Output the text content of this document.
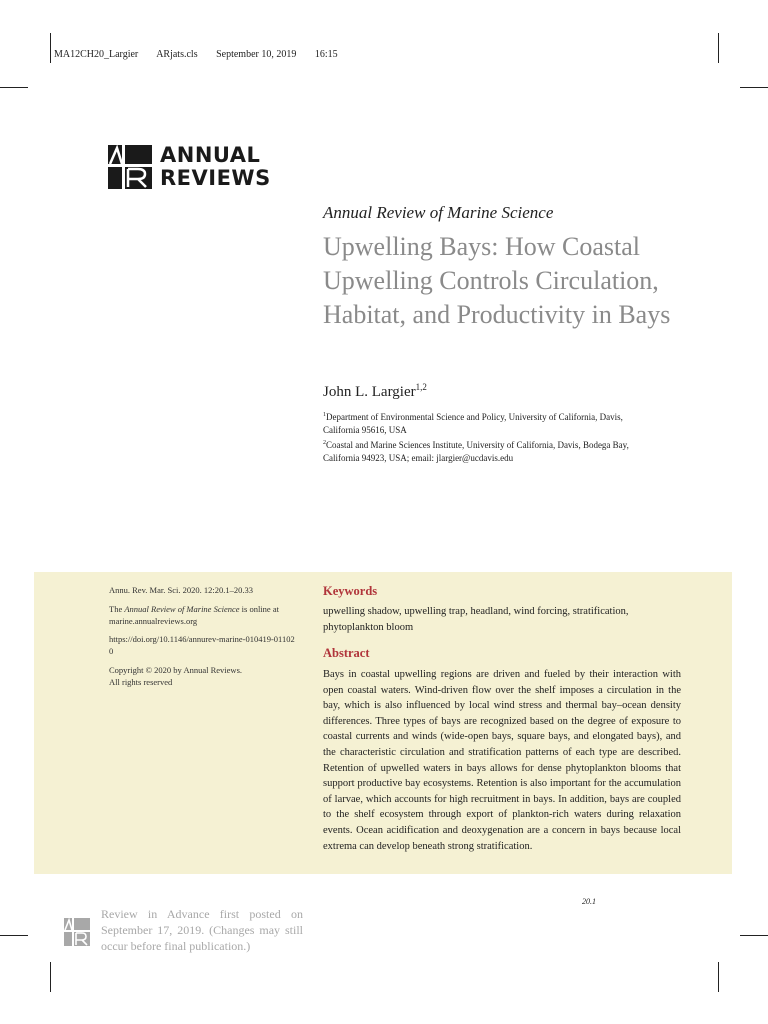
MA12CH20_Largier ARjats.cls September 10, 2019 16:15
ANNUAL
REVIEWS
Annual Review of Marine Science
Upwelling Bays: How Coastal Upwelling Controls Circulation, Habitat, and Productivity in Bays
John L. Largier$^{1,2}$
$^1$Department of Environmental Science and Policy, University of California, Davis, California 95616, USA
$^2$Coastal and Marine Sciences Institute, University of California, Davis, Bodega Bay, California 94923, USA; email: jlargier@ucdavis.edu
Annu. Rev. Mar. Sci. 2020. 12:20.1–20.33
The Annual Review of Marine Science is online at marine.annualreviews.org
https://doi.org/10.1146/annurev-marine-010419-011020
Copyright © 2020 by Annual Reviews.
All rights reserved
Keywords
upwelling shadow, upwelling trap, headland, wind forcing, stratification, phytoplankton bloom
Abstract
Bays in coastal upwelling regions are driven and fueled by their interaction with open coastal waters. Wind-driven flow over the shelf imposes a circulation in the bay, which is also influenced by local wind stress and thermal bay–ocean density differences. Three types of bays are recognized based on the degree of exposure to coastal currents and winds (wide-open bays, square bays, and elongated bays), and the characteristic circulation and stratification patterns of each type are described. Retention of upwelled waters in bays allows for dense phytoplankton blooms that support productive bay ecosystems. Retention is also important for the accumulation of larvae, which accounts for high recruitment in bays. In addition, bays are coupled to the shelf ecosystem through export of plankton-rich waters during relaxation events. Ocean acidification and deoxygenation are a concern in bays because local extrema can develop beneath strong stratification.
20.1
Review in Advance first posted on September 17, 2019. (Changes may still occur before final publication.)
